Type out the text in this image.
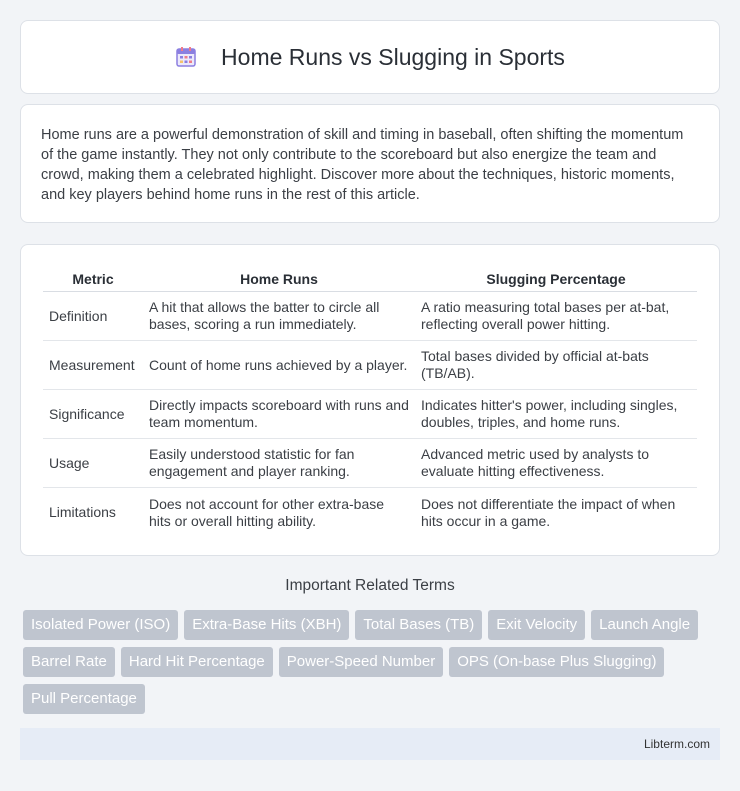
Home Runs vs Slugging in Sports

Home runs are a powerful demonstration of skill and timing in baseball, often shifting the momentum of the game instantly. They not only contribute to the scoreboard but also energize the team and crowd, making them a celebrated highlight. Discover more about the techniques, historic moments, and key players behind home runs in the rest of this article.

Metric	Home Runs	Slugging Percentage
Definition	A hit that allows the batter to circle all bases, scoring a run immediately.	A ratio measuring total bases per at-bat, reflecting overall power hitting.
Measurement	Count of home runs achieved by a player.	Total bases divided by official at-bats (TB/AB).
Significance	Directly impacts scoreboard with runs and team momentum.	Indicates hitter's power, including singles, doubles, triples, and home runs.
Usage	Easily understood statistic for fan engagement and player ranking.	Advanced metric used by analysts to evaluate hitting effectiveness.
Limitations	Does not account for other extra-base hits or overall hitting ability.	Does not differentiate the impact of when hits occur in a game.
Important Related Terms
Isolated Power (ISO)	Extra-Base Hits (XBH)	Total Bases (TB)	Exit Velocity	Launch Angle
Barrel Rate	Hard Hit Percentage	Power-Speed Number	OPS (On-base Plus Slugging)
Pull Percentage
Libterm.com
